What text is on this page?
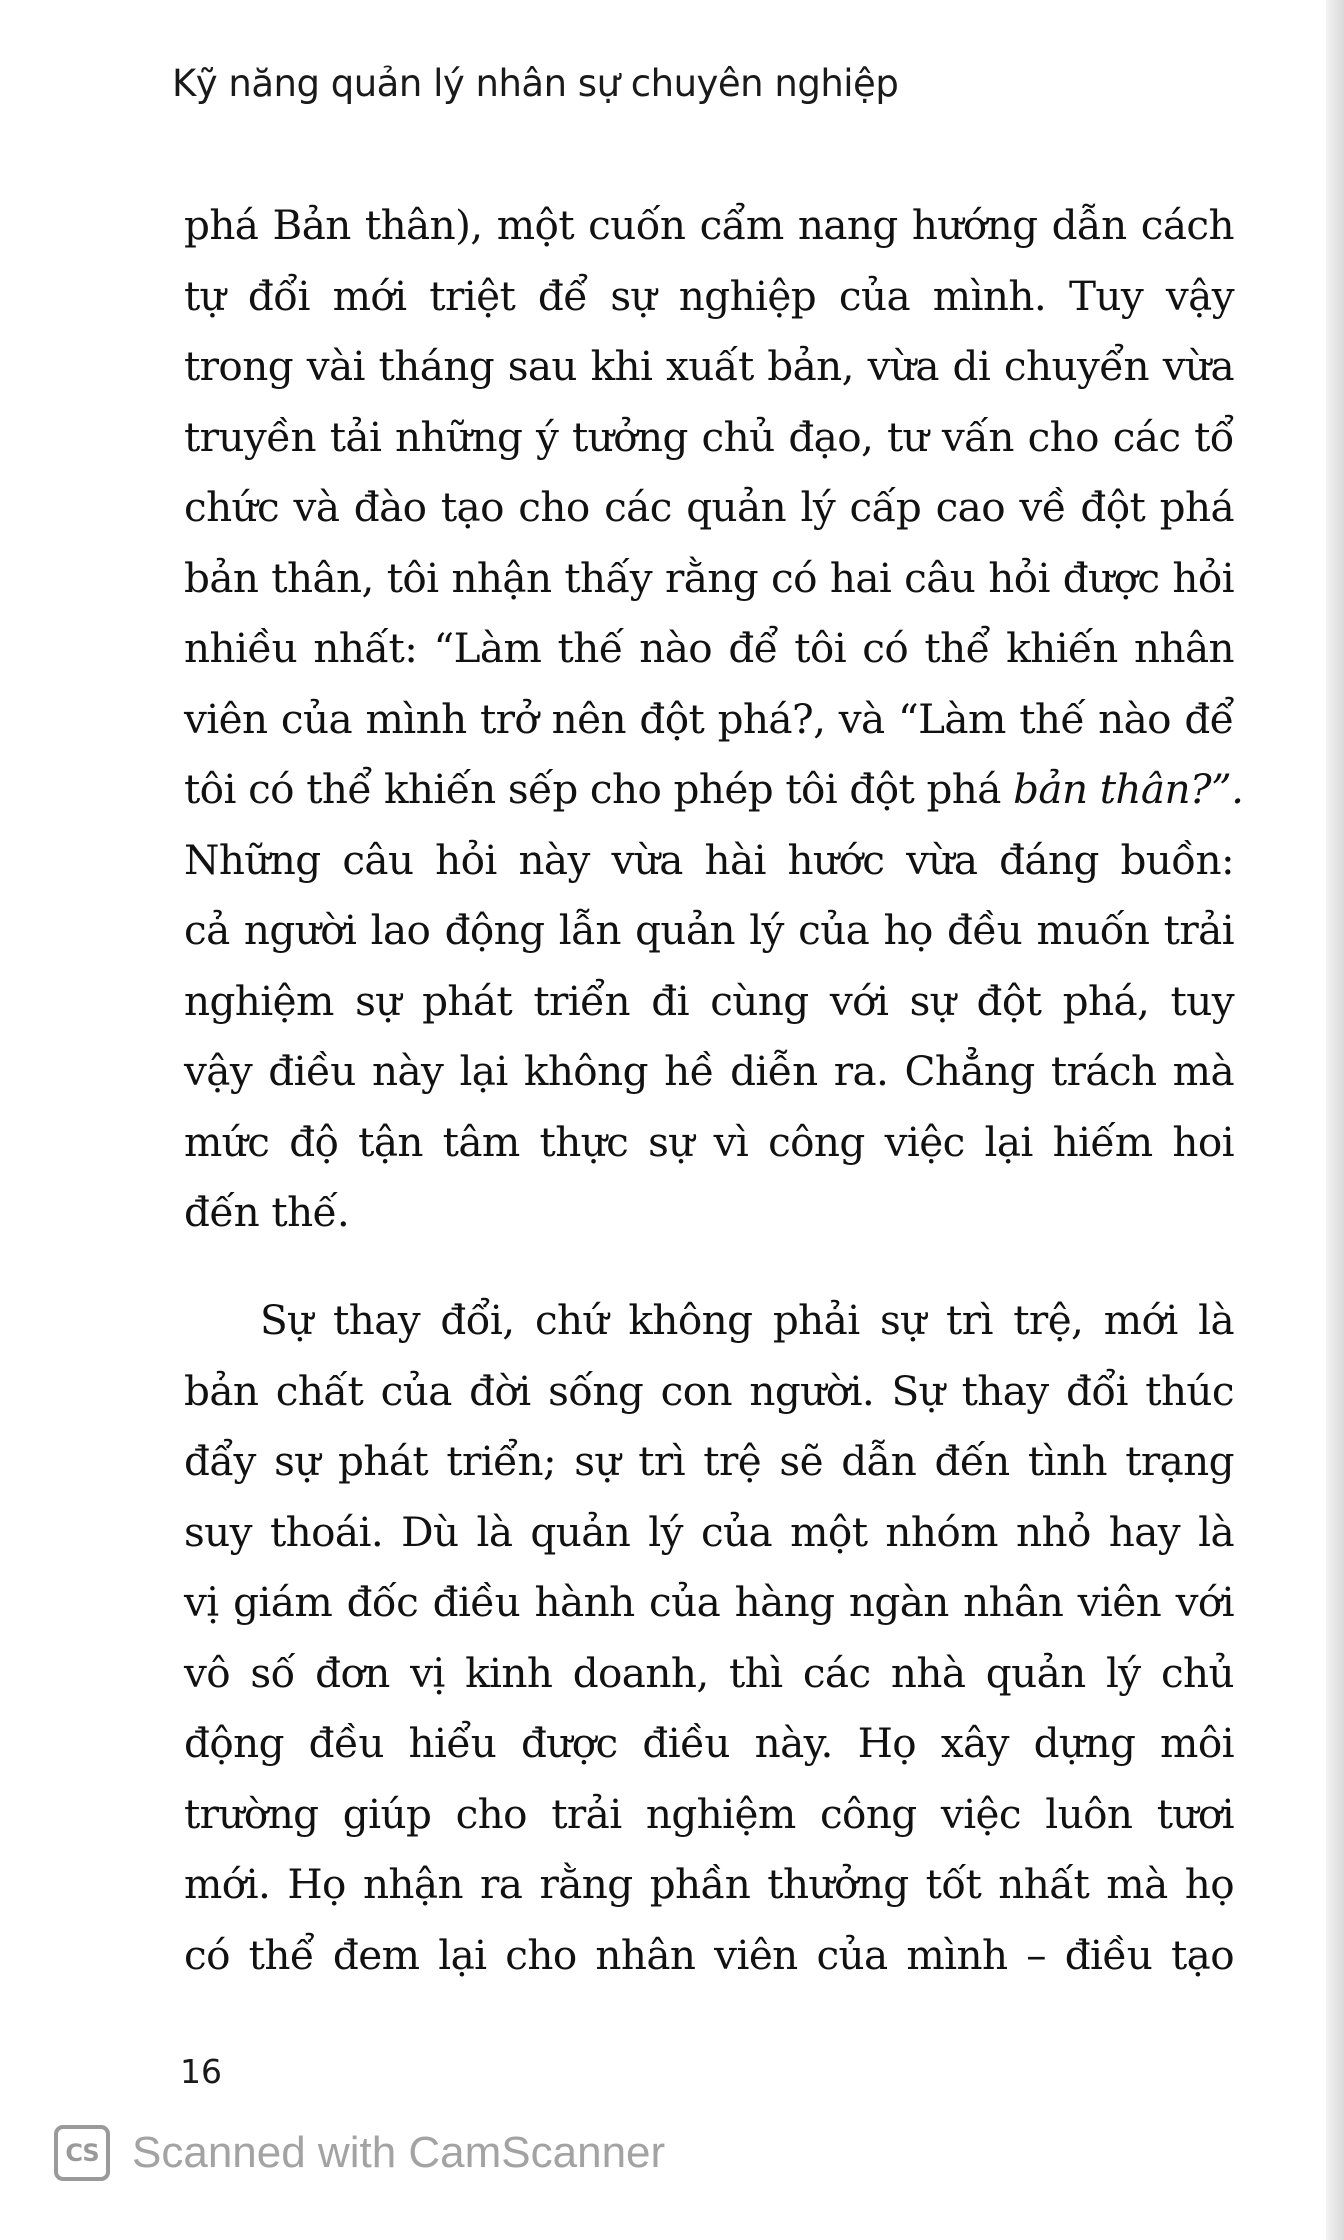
Kỹ năng quản lý nhân sự chuyên nghiệp
phá Bản thân), một cuốn cẩm nang hướng dẫn cách
tự đổi mới triệt để sự nghiệp của mình. Tuy vậy
trong vài tháng sau khi xuất bản, vừa di chuyển vừa
truyền tải những ý tưởng chủ đạo, tư vấn cho các tổ
chức và đào tạo cho các quản lý cấp cao về đột phá
bản thân, tôi nhận thấy rằng có hai câu hỏi được hỏi
nhiều nhất: “Làm thế nào để tôi có thể khiến nhân
viên của mình trở nên đột phá?, và “Làm thế nào để
tôi có thể khiến sếp cho phép tôi đột phá bản thân?”.
Những câu hỏi này vừa hài hước vừa đáng buồn:
cả người lao động lẫn quản lý của họ đều muốn trải
nghiệm sự phát triển đi cùng với sự đột phá, tuy
vậy điều này lại không hề diễn ra. Chẳng trách mà
mức độ tận tâm thực sự vì công việc lại hiếm hoi
đến thế.
Sự thay đổi, chứ không phải sự trì trệ, mới là
bản chất của đời sống con người. Sự thay đổi thúc
đẩy sự phát triển; sự trì trệ sẽ dẫn đến tình trạng
suy thoái. Dù là quản lý của một nhóm nhỏ hay là
vị giám đốc điều hành của hàng ngàn nhân viên với
vô số đơn vị kinh doanh, thì các nhà quản lý chủ
động đều hiểu được điều này. Họ xây dựng môi
trường giúp cho trải nghiệm công việc luôn tươi
mới. Họ nhận ra rằng phần thưởng tốt nhất mà họ
có thể đem lại cho nhân viên của mình – điều tạo
16
CS Scanned with CamScanner
